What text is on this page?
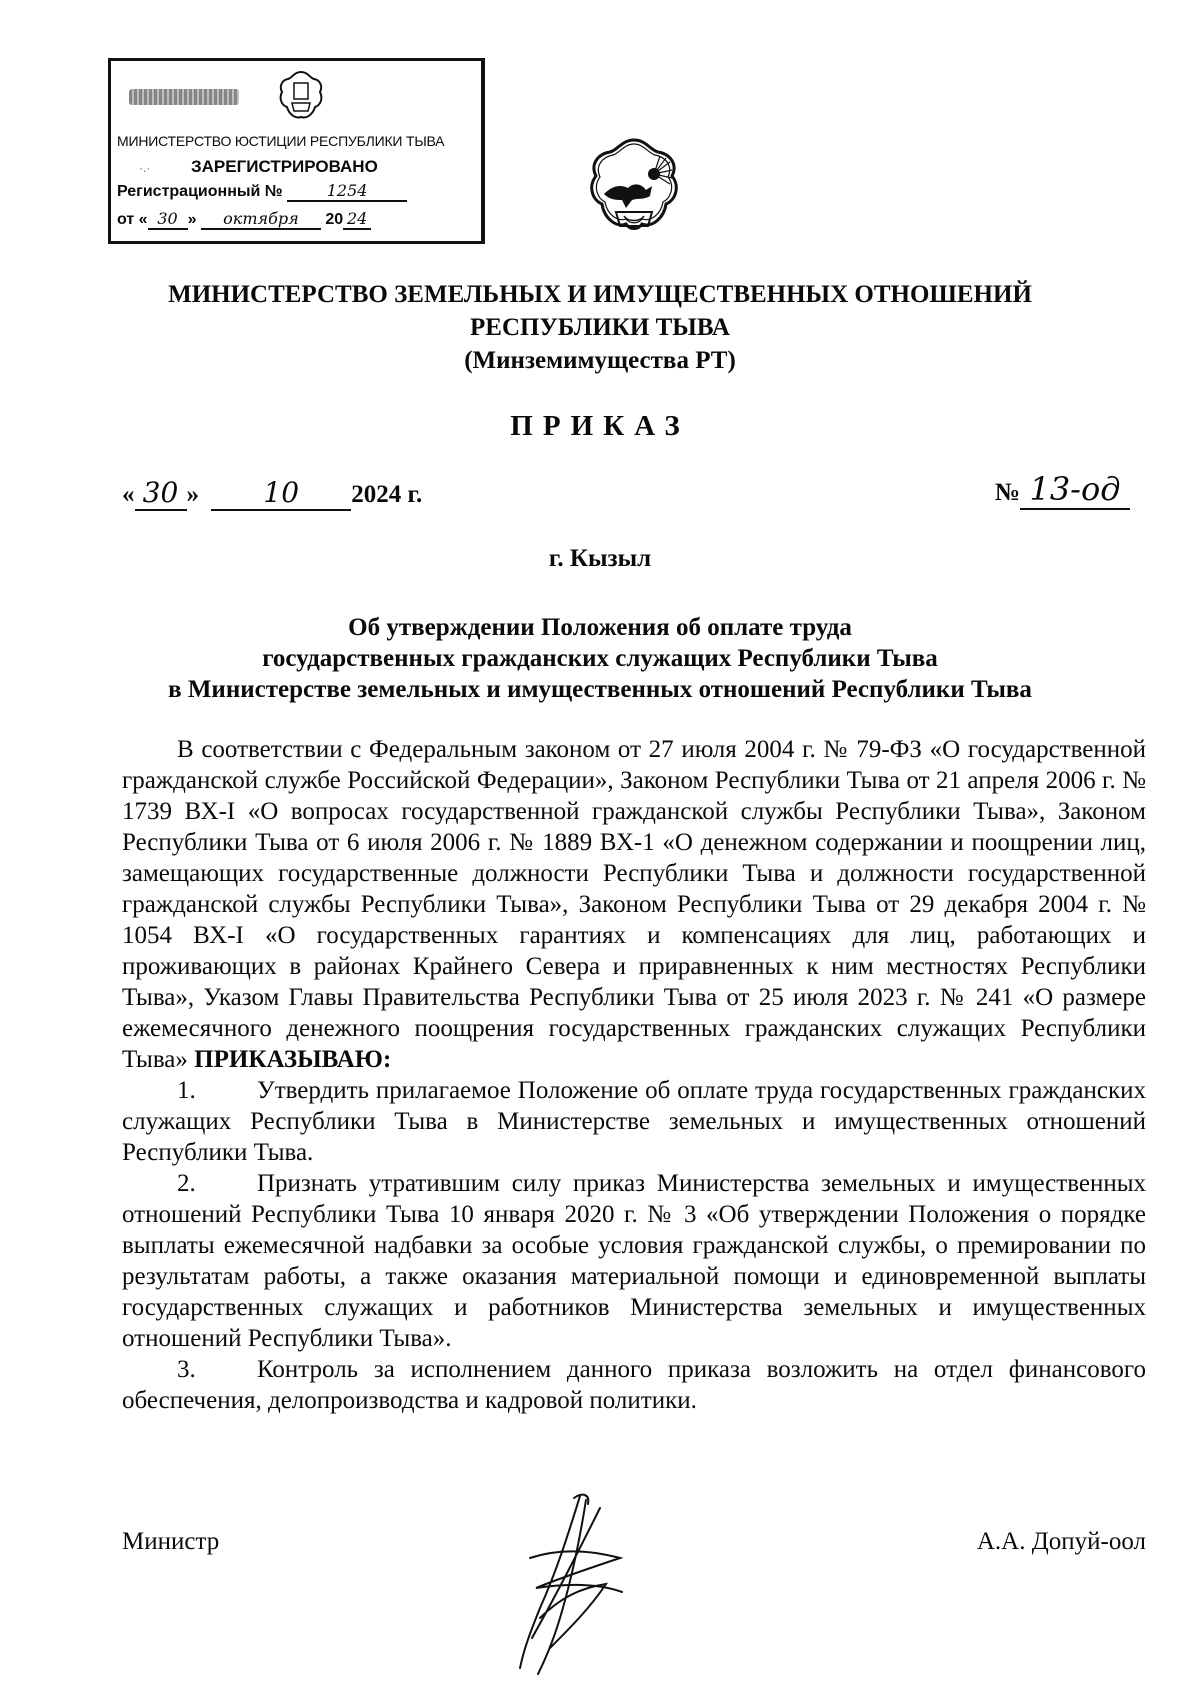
МИНИСТЕРСТВО ЮСТИЦИИ РЕСПУБЛИКИ ТЫВА
·.· ЗАРЕГИСТРИРОВАНО
Регистрационный №	1254
от « 30 » октября 20 24
МИНИСТЕРСТВО ЗЕМЕЛЬНЫХ И ИМУЩЕСТВЕННЫХ ОТНОШЕНИЙ
РЕСПУБЛИКИ ТЫВА
(Минземимущества РТ)
ПРИКАЗ
« 30 » 10 2024 г.	№ 13-од
г. Кызыл
Об утверждении Положения об оплате труда
государственных гражданских служащих Республики Тыва
в Министерстве земельных и имущественных отношений Республики Тыва

В соответствии с Федеральным законом от 27 июля 2004 г. № 79-ФЗ «О государственной гражданской службе Российской Федерации», Законом Республики Тыва от 21 апреля 2006 г. № 1739 ВХ-I «О вопросах государственной гражданской службы Республики Тыва», Законом Республики Тыва от 6 июля 2006 г. № 1889 ВХ-1 «О денежном содержании и поощрении лиц, замещающих государственные должности Республики Тыва и должности государственной гражданской службы Республики Тыва», Законом Республики Тыва от 29 декабря 2004 г. № 1054 ВХ-I «О государственных гарантиях и компенсациях для лиц, работающих и проживающих в районах Крайнего Севера и приравненных к ним местностях Республики Тыва», Указом Главы Правительства Республики Тыва от 25 июля 2023 г. № 241 «О размере ежемесячного денежного поощрения государственных гражданских служащих Республики Тыва» ПРИКАЗЫВАЮ:

1. Утвердить прилагаемое Положение об оплате труда государственных гражданских служащих Республики Тыва в Министерстве земельных и имущественных отношений Республики Тыва.

2. Признать утратившим силу приказ Министерства земельных и имущественных отношений Республики Тыва 10 января 2020 г. № 3 «Об утверждении Положения о порядке выплаты ежемесячной надбавки за особые условия гражданской службы, о премировании по результатам работы, а также оказания материальной помощи и единовременной выплаты государственных служащих и работников Министерства земельных и имущественных отношений Республики Тыва».

3. Контроль за исполнением данного приказа возложить на отдел финансового обеспечения, делопроизводства и кадровой политики.

Министр	А.А. Допуй-оол
